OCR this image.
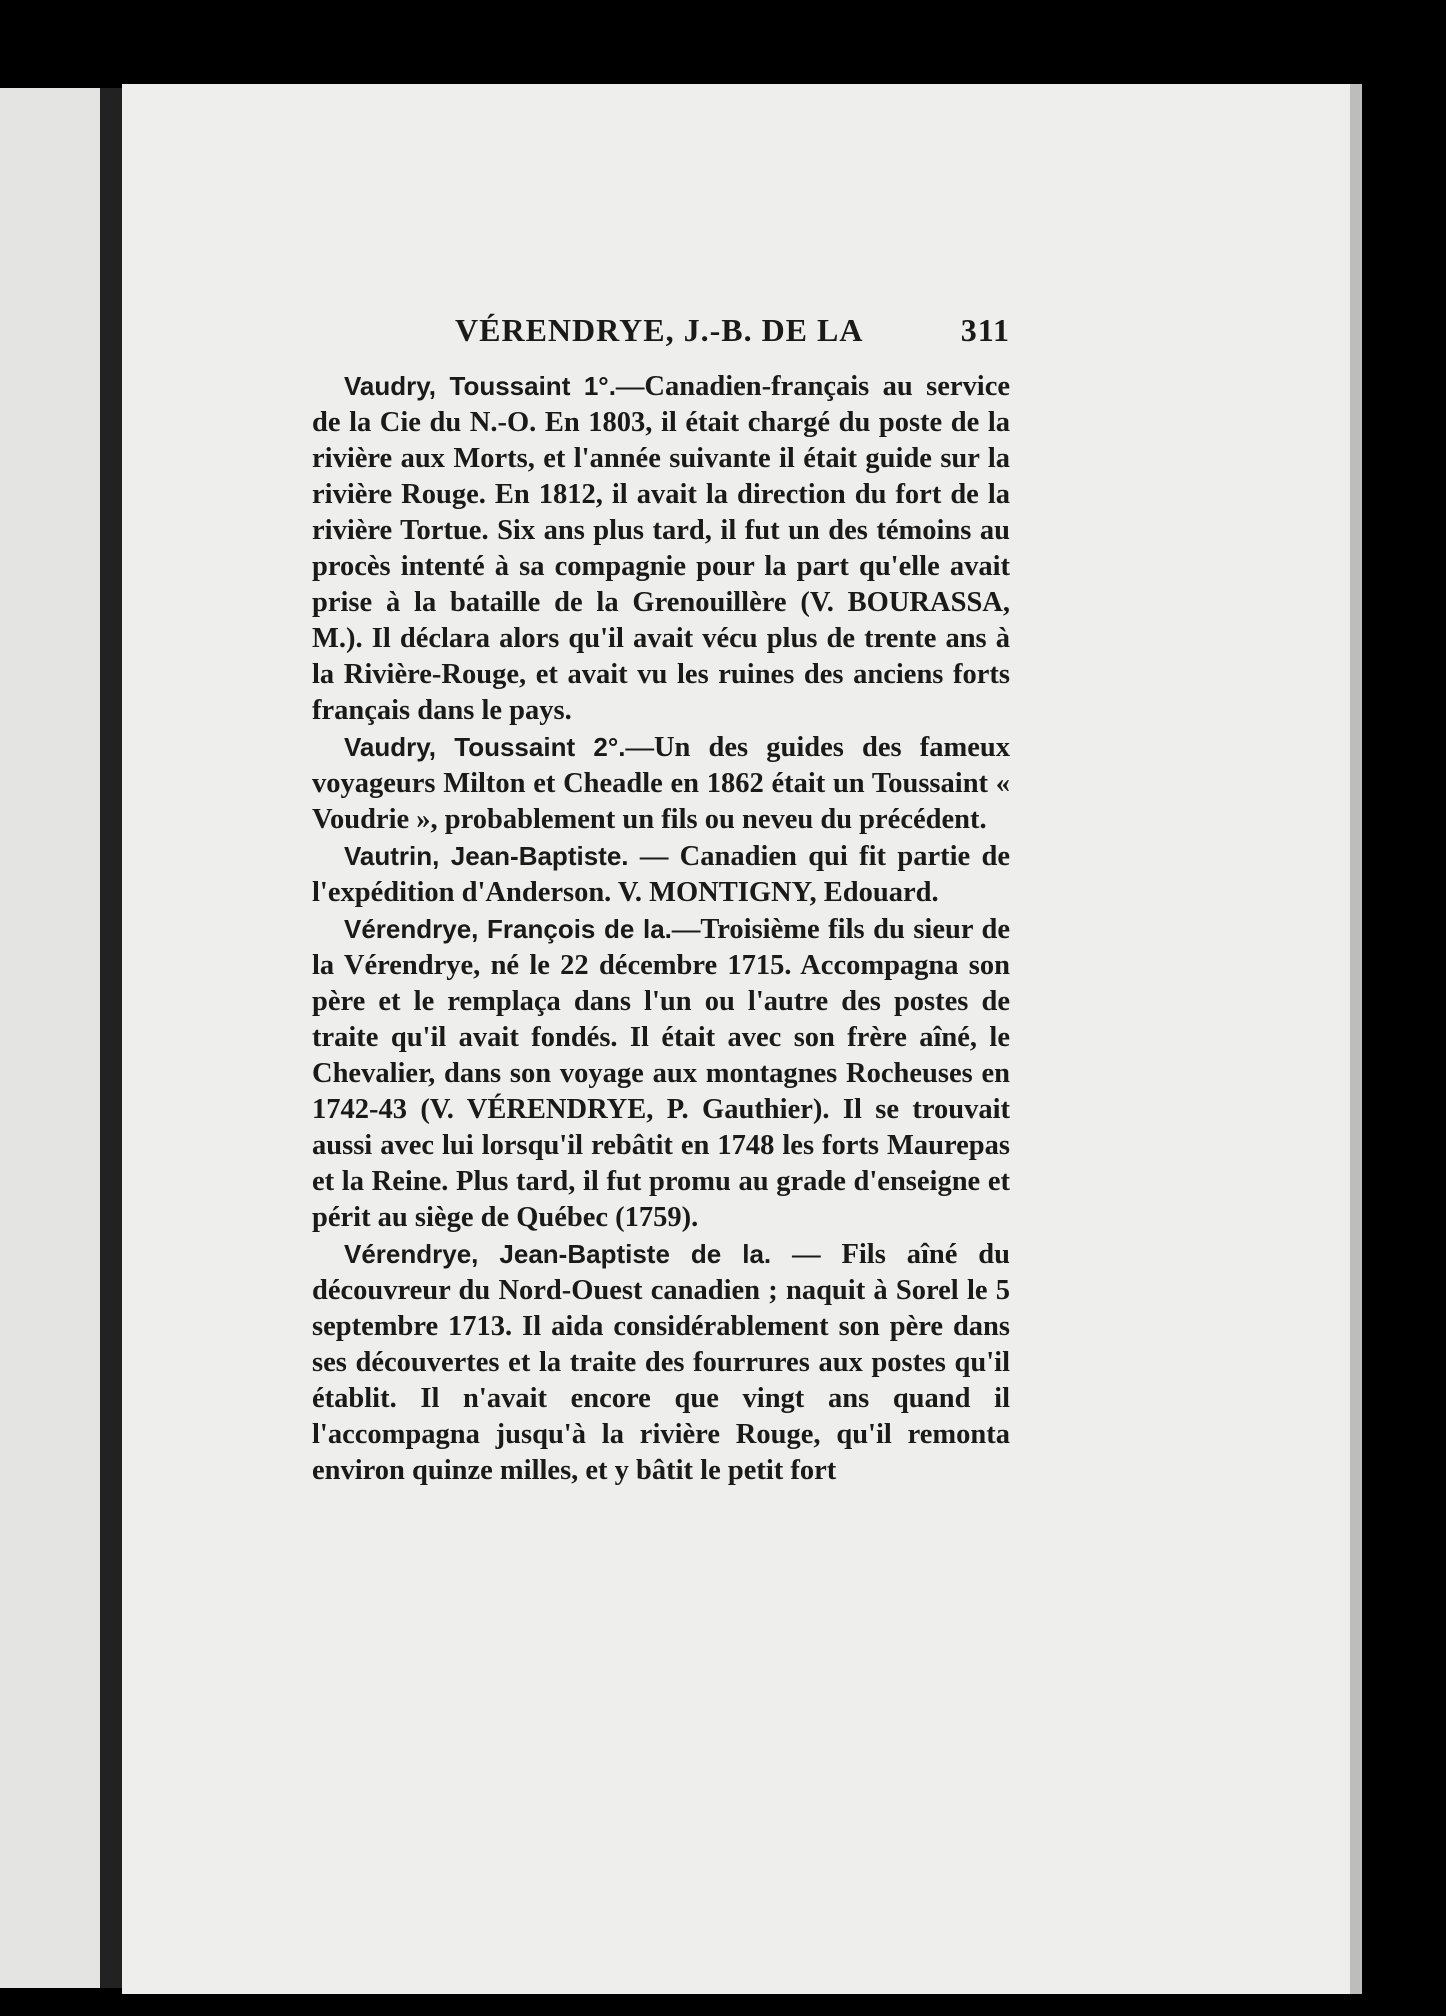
VÉRENDRYE, J.-B. DE LA	311

Vaudry, Toussaint 1°.—Canadien-français au service de la Cie du N.-O. En 1803, il était chargé du poste de la rivière aux Morts, et l'année suivante il était guide sur la rivière Rouge. En 1812, il avait la direction du fort de la rivière Tortue. Six ans plus tard, il fut un des témoins au procès intenté à sa compagnie pour la part qu'elle avait prise à la bataille de la Grenouillère (V. BOURASSA, M.). Il déclara alors qu'il avait vécu plus de trente ans à la Rivière-Rouge, et avait vu les ruines des anciens forts français dans le pays.

Vaudry, Toussaint 2°.—Un des guides des fameux voyageurs Milton et Cheadle en 1862 était un Toussaint « Voudrie », probablement un fils ou neveu du précédent.

Vautrin, Jean-Baptiste. — Canadien qui fit partie de l'expédition d'Anderson. V. MONTIGNY, Edouard.

Vérendrye, François de la.—Troisième fils du sieur de la Vérendrye, né le 22 décembre 1715. Accompagna son père et le remplaça dans l'un ou l'autre des postes de traite qu'il avait fondés. Il était avec son frère aîné, le Chevalier, dans son voyage aux montagnes Rocheuses en 1742-43 (V. VÉRENDRYE, P. Gauthier). Il se trouvait aussi avec lui lorsqu'il rebâtit en 1748 les forts Maurepas et la Reine. Plus tard, il fut promu au grade d'enseigne et périt au siège de Québec (1759).

Vérendrye, Jean-Baptiste de la. — Fils aîné du découvreur du Nord-Ouest canadien ; naquit à Sorel le 5 septembre 1713. Il aida considérablement son père dans ses découvertes et la traite des fourrures aux postes qu'il établit. Il n'avait encore que vingt ans quand il l'accompagna jusqu'à la rivière Rouge, qu'il remonta environ quinze milles, et y bâtit le petit fort
